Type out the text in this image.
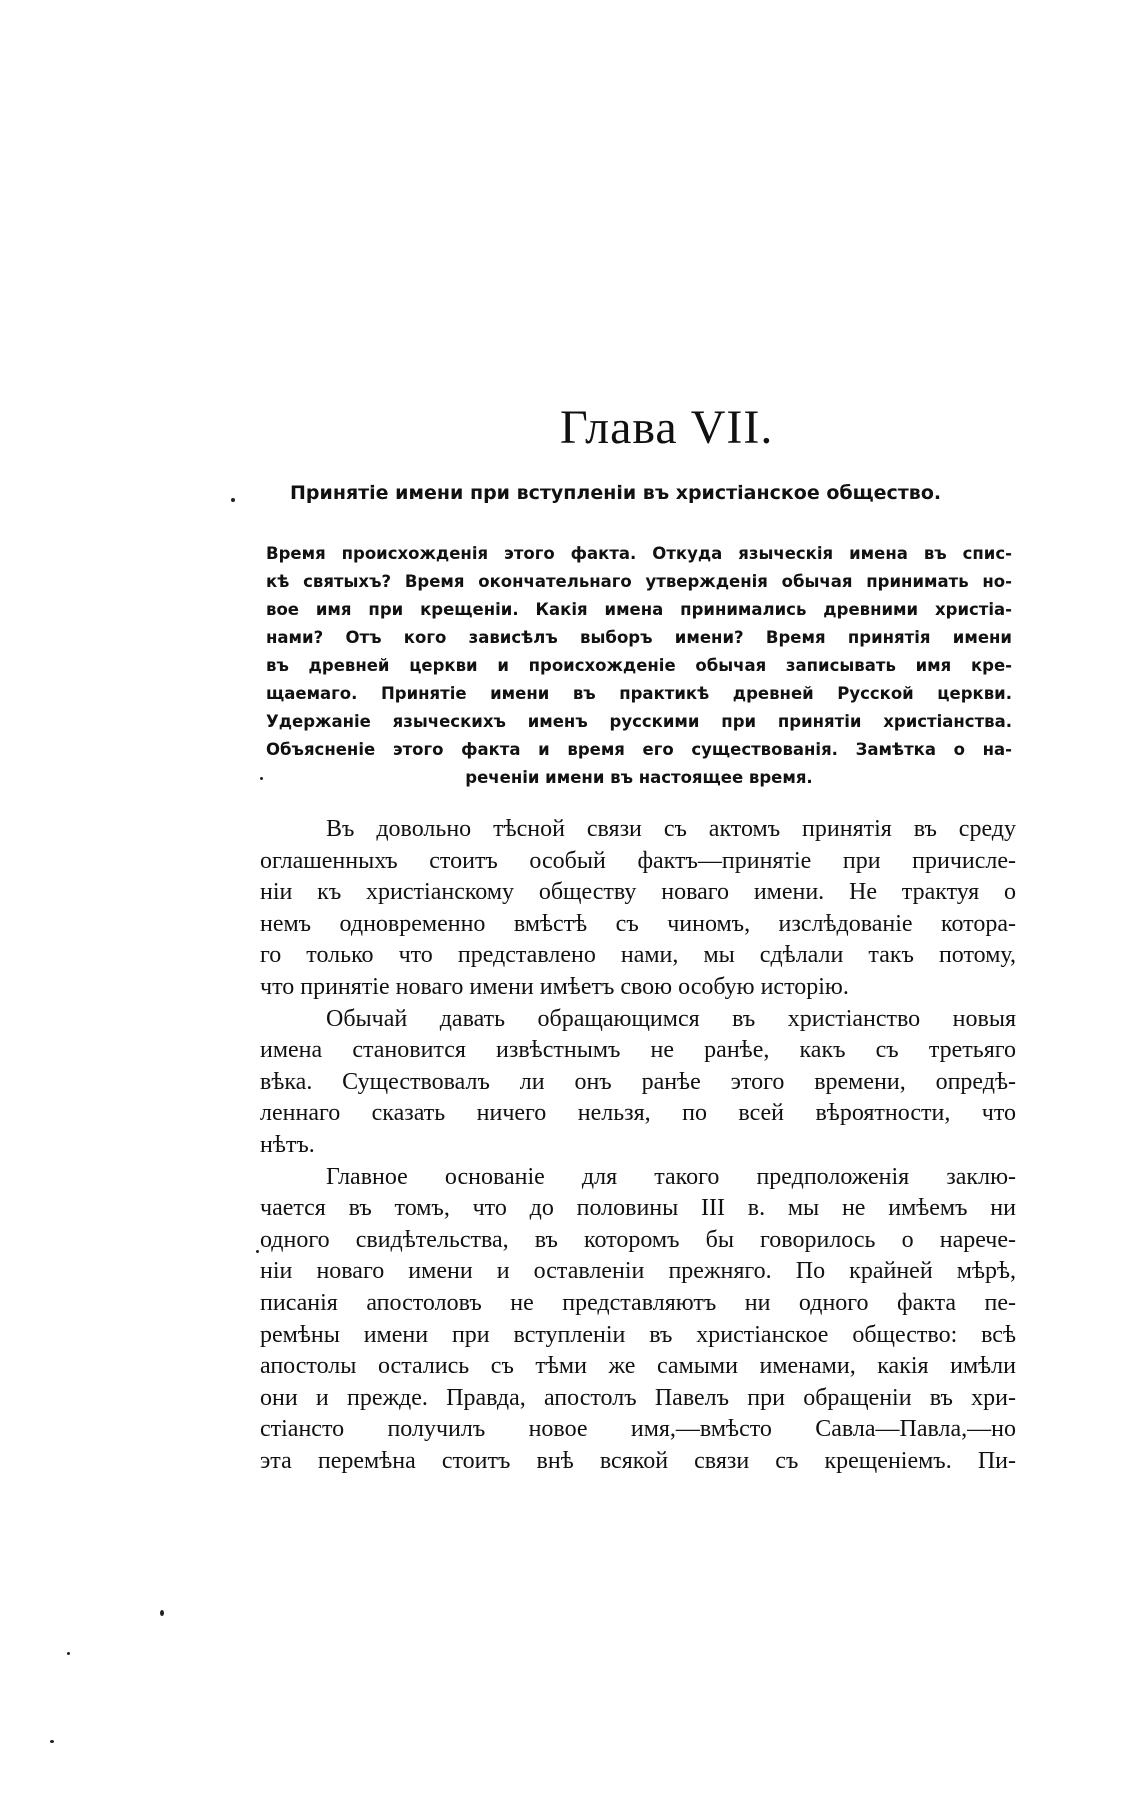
Глава VII.
Принятіе имени при вступленіи въ христіанское общество.
Время происхожденія этого факта. Откуда языческія имена въ спис-
кѣ святыхъ? Время окончательнаго утвержденія обычая принимать но-
вое имя при крещеніи. Какія имена принимались древними христіа-
нами? Отъ кого зависѣлъ выборъ имени? Время принятія имени
въ древней церкви и происхожденіе обычая записывать имя кре-
щаемаго. Принятіе имени въ практикѣ древней Русской церкви.
Удержаніе языческихъ именъ русскими при принятіи христіанства.
Объясненіе этого факта и время его существованія. Замѣтка о на-
реченіи имени въ настоящее время.
Въ довольно тѣсной связи съ актомъ принятія въ среду
оглашенныхъ стоитъ особый фактъ—принятіе при причисле-
ніи къ христіанскому обществу новаго имени. Не трактуя о
немъ одновременно вмѣстѣ съ чиномъ, изслѣдованіе котора-
го только что представлено нами, мы сдѣлали такъ потому,
что принятіе новаго имени имѣетъ свою особую исторію.
Обычай давать обращающимся въ христіанство новыя
имена становится извѣстнымъ не ранѣе, какъ съ третьяго
вѣка. Существовалъ ли онъ ранѣе этого времени, опредѣ-
леннаго сказать ничего нельзя, по всей вѣроятности, что
нѣтъ.
Главное основаніе для такого предположенія заклю-
чается въ томъ, что до половины III в. мы не имѣемъ ни
одного свидѣтельства, въ которомъ бы говорилось о нарече-
ніи новаго имени и оставленіи прежняго. По крайней мѣрѣ,
писанія апостоловъ не представляютъ ни одного факта пе-
ремѣны имени при вступленіи въ христіанское общество: всѣ
апостолы остались съ тѣми же самыми именами, какія имѣли
они и прежде. Правда, апостолъ Павелъ при обращеніи въ хри-
стіансто получилъ новое имя,—вмѣсто Савла—Павла,—но
эта перемѣна стоитъ внѣ всякой связи съ крещеніемъ. Пи-
